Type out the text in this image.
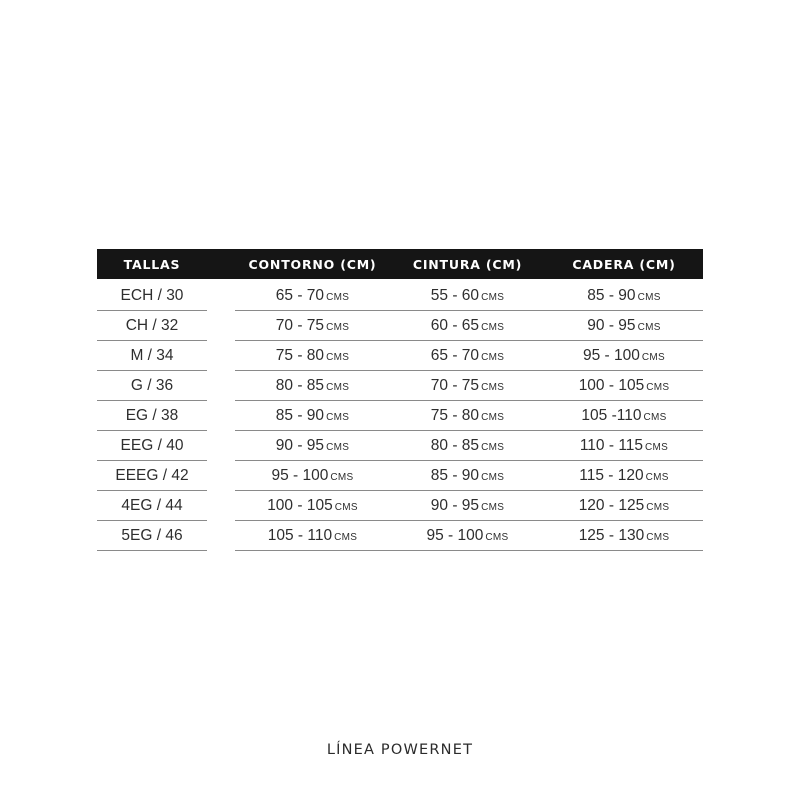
TALLAS		CONTORNO (CM)	CINTURA (CM)	CADERA (CM)
ECH / 30		65 - 70 CMS	55 - 60 CMS	85 - 90 CMS
CH / 32		70 - 75 CMS	60 - 65 CMS	90 - 95 CMS
M / 34		75 - 80 CMS	65 - 70 CMS	95 - 100 CMS
G / 36		80 - 85 CMS	70 - 75 CMS	100 - 105 CMS
EG / 38		85 - 90 CMS	75 - 80 CMS	105 -110 CMS
EEG / 40		90 - 95 CMS	80 - 85 CMS	110 - 115 CMS
EEEG / 42		95 - 100 CMS	85 - 90 CMS	115 - 120 CMS
4EG / 44		100 - 105 CMS	90 - 95 CMS	120 - 125 CMS
5EG / 46		105 - 110 CMS	95 - 100 CMS	125 - 130 CMS
LÍNEA POWERNET
